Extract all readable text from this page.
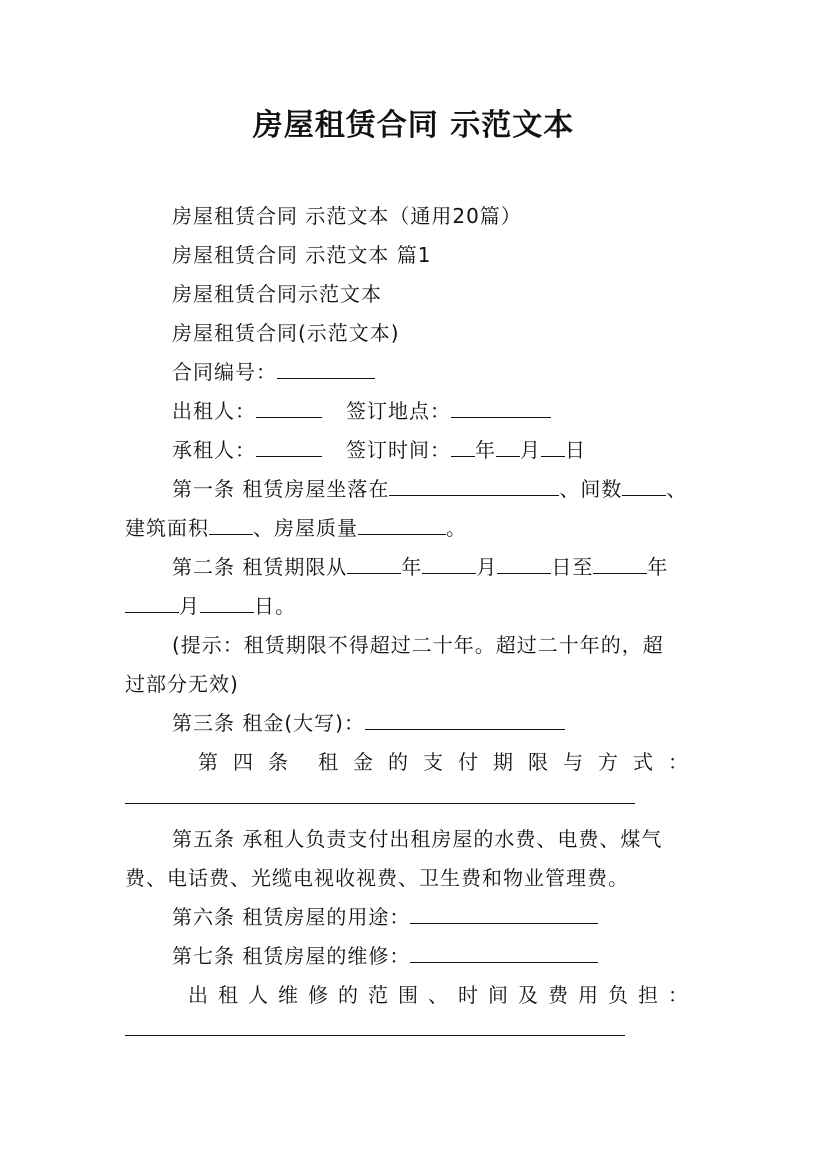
房屋租赁合同 示范文本
房屋租赁合同 示范文本（通用20篇）
房屋租赁合同 示范文本 篇1
房屋租赁合同示范文本
房屋租赁合同(示范文本)
合同编号：
出租人：	签订地点：
承租人：	签订时间： 年 月 日
第一条 租赁房屋坐落在	、间数 、
建筑面积 、房屋质量	。
第二条 租赁期限从	年	月	日至	年
月	日。
(提示：租赁期限不得超过二十年。超过二十年的，超
过部分无效)
第三条 租金(大写)：
第 四 条 租 金 的 支 付 期 限 与 方 式 ：
第五条 承租人负责支付出租房屋的水费、电费、煤气
费、电话费、光缆电视收视费、卫生费和物业管理费。
第六条 租赁房屋的用途：
第七条 租赁房屋的维修：
出 租 人 维 修 的 范 围 、 时 间 及 费 用 负 担 ：
